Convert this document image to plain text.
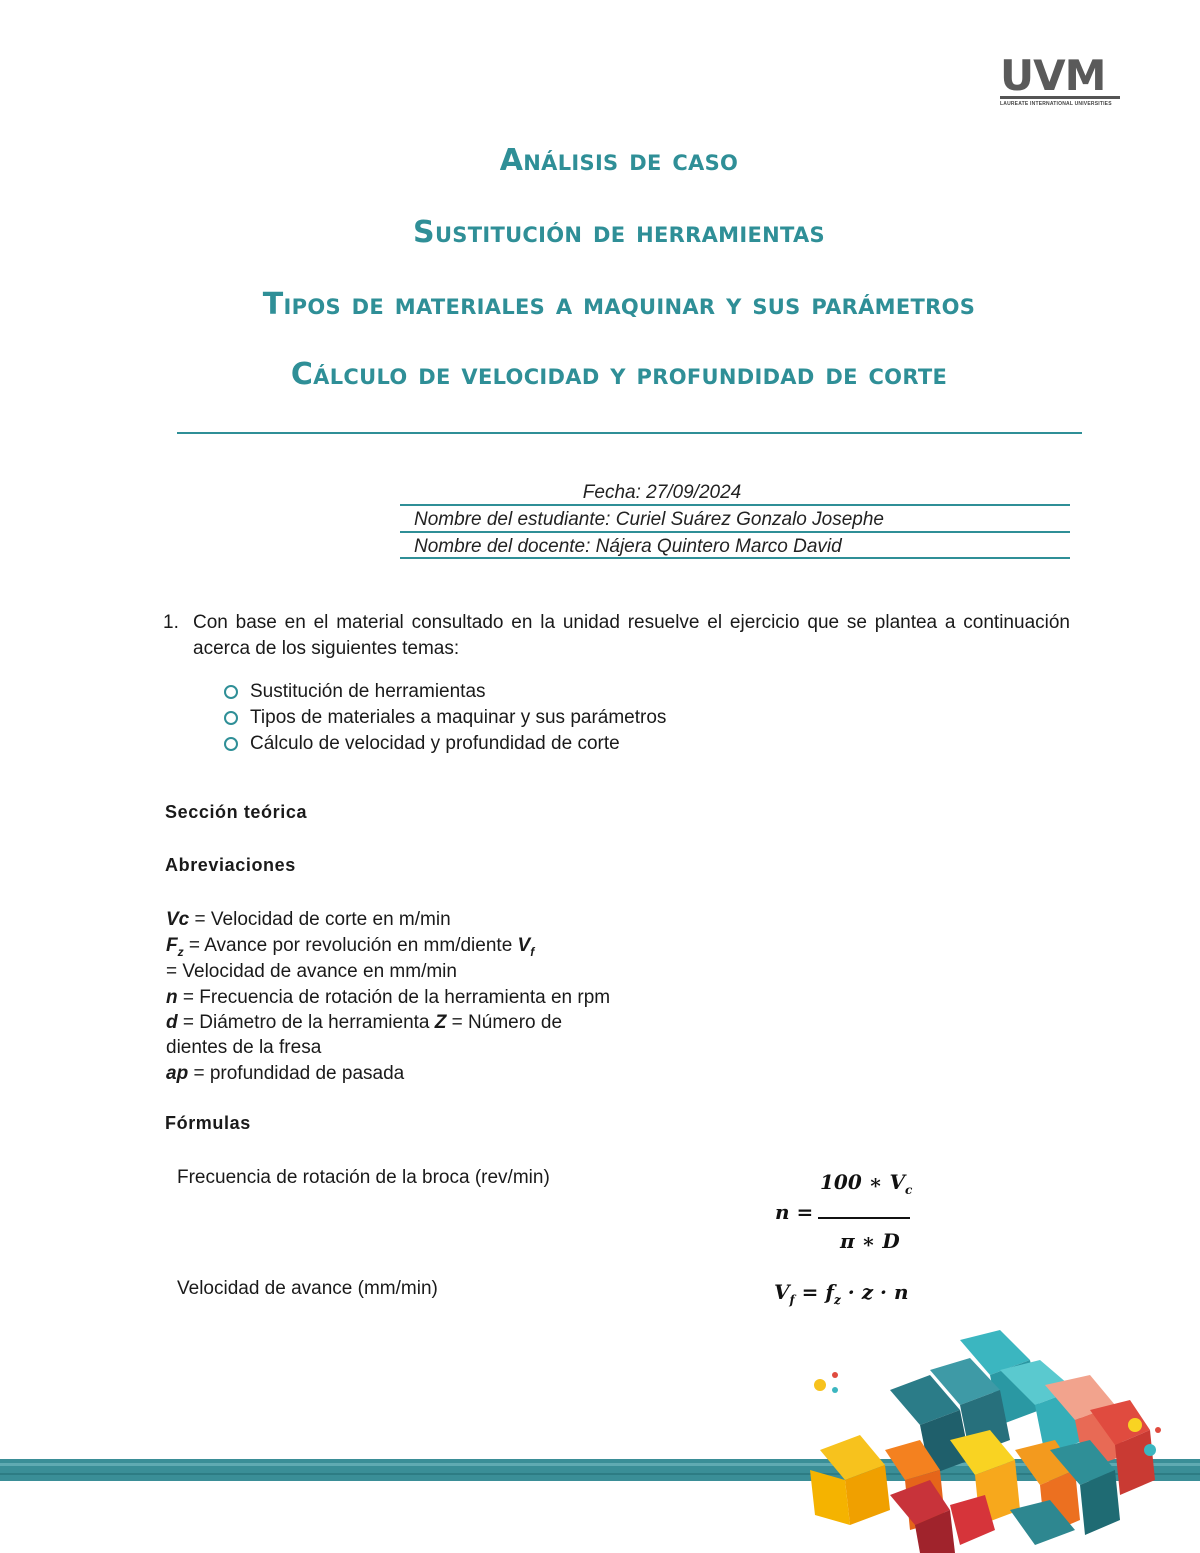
UVM
LAUREATE INTERNATIONAL UNIVERSITIES
Análisis de caso
Sustitución de herramientas
Tipos de materiales a maquinar y sus parámetros
Cálculo de velocidad y profundidad de corte
Fecha: 27/09/2024
Nombre del estudiante: Curiel Suárez Gonzalo Josephe
Nombre del docente: Nájera Quintero Marco David
1. Con base en el material consultado en la unidad resuelve el ejercicio que se plantea a continuación acerca de los siguientes temas:
Sustitución de herramientas
Tipos de materiales a maquinar y sus parámetros
Cálculo de velocidad y profundidad de corte
Sección teórica
Abreviaciones
Vc = Velocidad de corte en m/min
$F_z$ = Avance por revolución en mm/diente $V_f$
= Velocidad de avance en mm/min
n = Frecuencia de rotación de la herramienta en rpm
d = Diámetro de la herramienta Z = Número de
dientes de la fresa
ap = profundidad de pasada
Fórmulas
Frecuencia de rotación de la broca (rev/min)	100 ∗ $V_c$
n =
π ∗ D
Velocidad de avance (mm/min)	$V_f = f_z \cdot z \cdot n$
